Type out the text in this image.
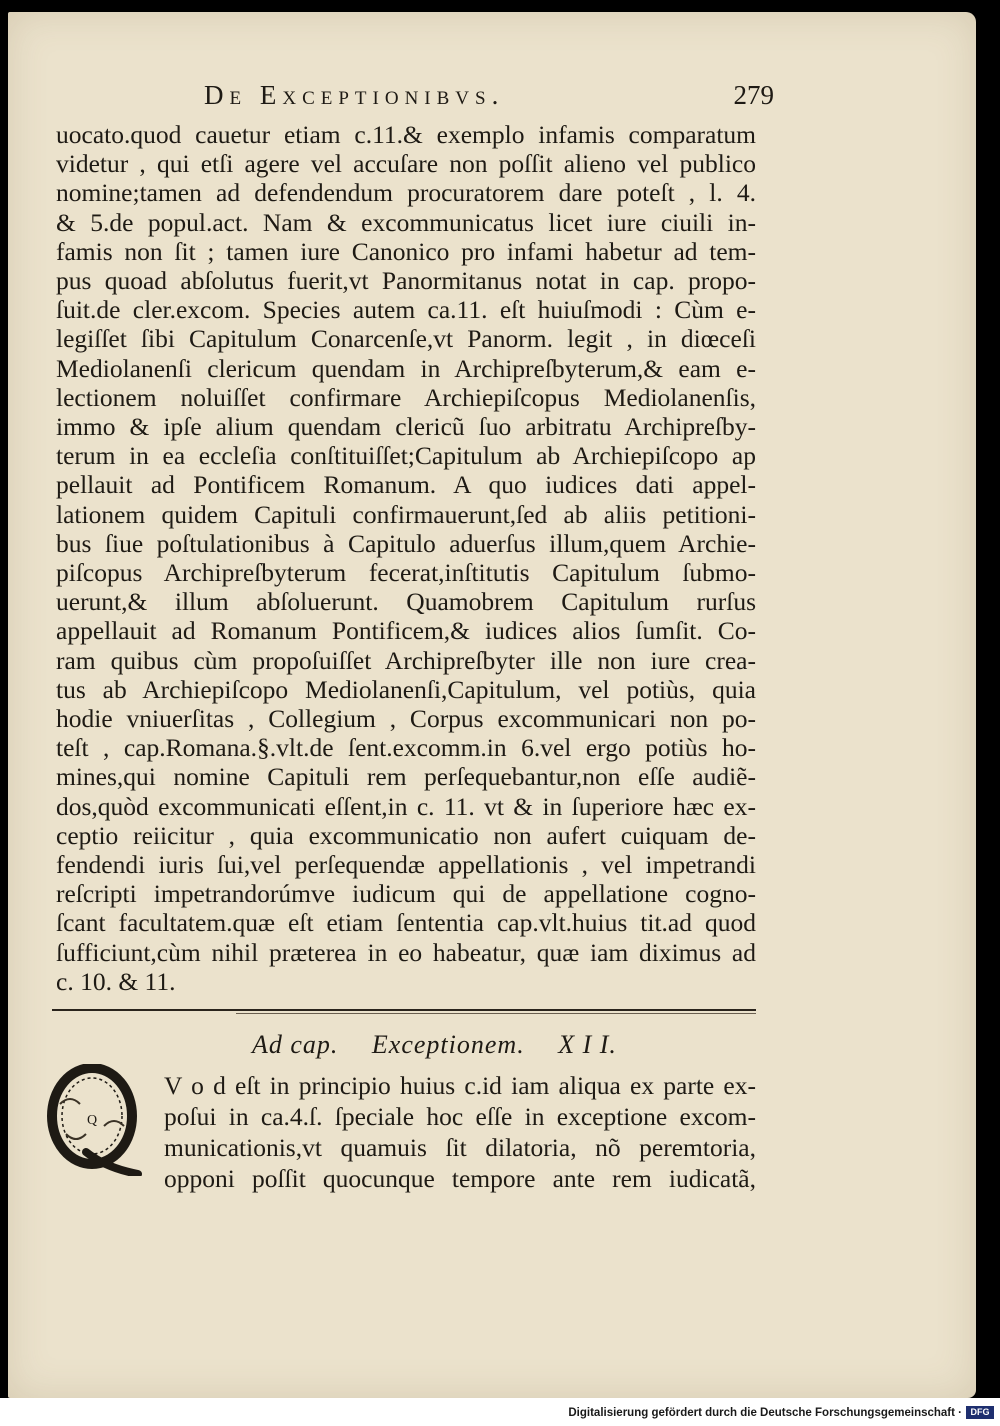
De Exceptionibvs.	279
uocato.quod cauetur etiam c.11.& exemplo infamis comparatum
videtur , qui etſi agere vel accuſare non poſſit alieno vel publico
nomine;tamen ad defendendum procuratorem dare poteſt , l. 4.
& 5.de popul.act. Nam & excommunicatus licet iure ciuili in-
famis non ſit ; tamen iure Canonico pro infami habetur ad tem-
pus quoad abſolutus fuerit,vt Panormitanus notat in cap. propo-
ſuit.de cler.excom. Species autem ca.11. eſt huiuſmodi : Cùm e-
legiſſet ſibi Capitulum Conarcenſe,vt Panorm. legit , in diœceſi
Mediolanenſi clericum quendam in Archipreſbyterum,& eam e-
lectionem noluiſſet confirmare Archiepiſcopus Mediolanenſis,
immo & ipſe alium quendam clericũ ſuo arbitratu Archipreſby-
terum in ea eccleſia conſtituiſſet;Capitulum ab Archiepiſcopo ap
pellauit ad Pontificem Romanum. A quo iudices dati appel-
lationem quidem Capituli confirmauerunt,ſed ab aliis petitioni-
bus ſiue poſtulationibus à Capitulo aduerſus illum,quem Archie-
piſcopus Archipreſbyterum fecerat,inſtitutis Capitulum ſubmo-
uerunt,& illum abſoluerunt. Quamobrem Capitulum rurſus
appellauit ad Romanum Pontificem,& iudices alios ſumſit. Co-
ram quibus cùm propoſuiſſet Archipreſbyter ille non iure crea-
tus ab Archiepiſcopo Mediolanenſi,Capitulum, vel potiùs, quia
hodie vniuerſitas , Collegium , Corpus excommunicari non po-
teſt , cap.Romana.§.vlt.de ſent.excomm.in 6.vel ergo potiùs ho-
mines,qui nomine Capituli rem perſequebantur,non eſſe audiẽ-
dos,quòd excommunicati eſſent,in c. 11. vt & in ſuperiore hæc ex-
ceptio reiicitur , quia excommunicatio non aufert cuiquam de-
fendendi iuris ſui,vel perſequendæ appellationis , vel impetrandi
reſcripti impetrandorúmve iudicum qui de appellatione cogno-
ſcant facultatem.quæ eſt etiam ſententia cap.vlt.huius tit.ad quod
ſufficiunt,cùm nihil præterea in eo habeatur, quæ iam diximus ad
c. 10. & 11.
Ad cap. Exceptionem. X I I.
Q
V o d eſt in principio huius c.id iam aliqua ex parte ex-
poſui in ca.4.ſ. ſpeciale hoc eſſe in exceptione excom-
municationis,vt quamuis ſit dilatoria, nõ peremtoria,
opponi poſſit quocunque tempore ante rem iudicatã,
Digitalisierung gefördert durch die Deutsche Forschungsgemeinschaft · DFG
